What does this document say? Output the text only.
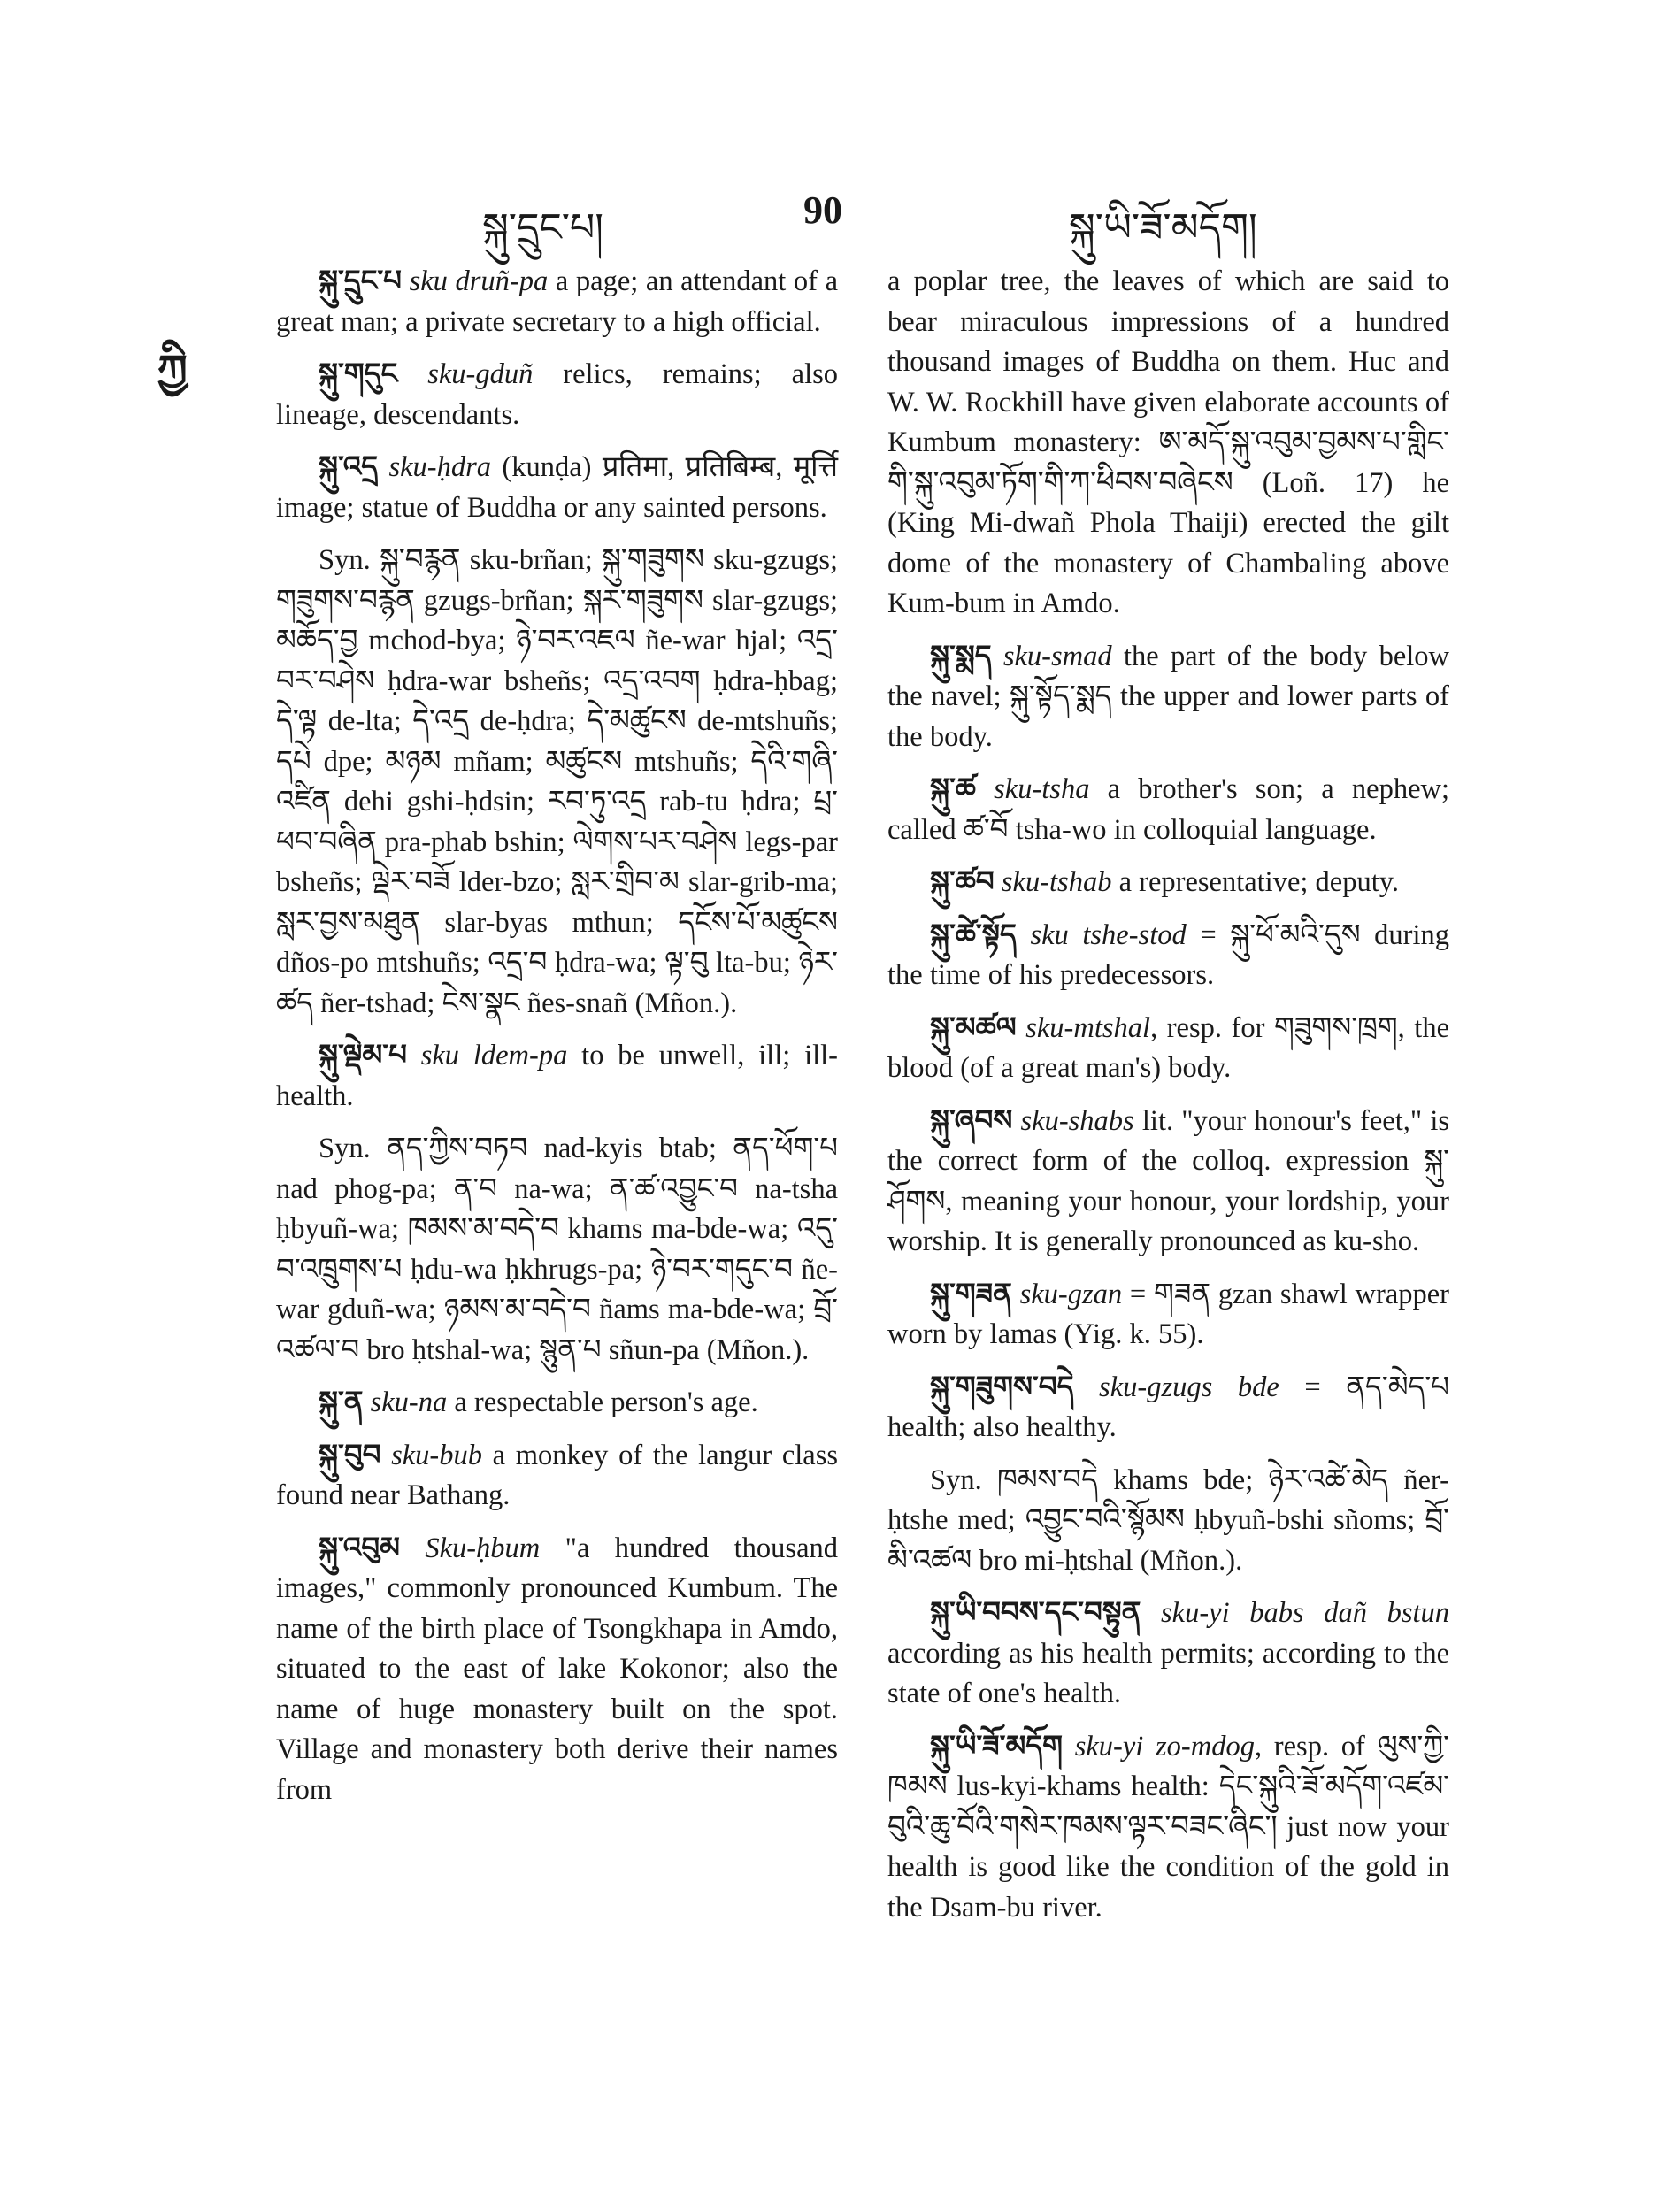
སྐུ་དྲུང་པ།	90	སྐུ་ཡི་ཟོ་མདོག།
ཀྱི

སྐུ་དྲུང་པ sku druñ-pa a page; an attendant of a great man; a private secretary to a high official.

སྐུ་གདུང sku-gduñ relics, remains; also lineage, descendants.

སྐུ་འདྲ sku-ḥdra (kunḍa) प्रतिमा, प्रतिबिम्ब, मूर्त्ति image; statue of Buddha or any sainted persons.

Syn. སྐུ་བརྙན sku-brñan; སྐུ་གཟུགས sku-gzugs; གཟུགས་བརྙན gzugs-brñan; སྐར་གཟུགས slar-gzugs; མཆོད་བྱ mchod-bya; ཉེ་བར་འཇལ ñe-war hjal; འདྲ་བར་བཤེས ḥdra-war bsheñs; འདྲ་འབག ḥdra-ḥbag; དེ་ལྟ de-lta; དེ་འདྲ de-ḥdra; དེ་མཚུངས de-mtshuñs; དཔེ dpe; མཉམ mñam; མཚུངས mtshuñs; དེའི་གཞི་འཛིན dehi gshi-ḥdsin; རབ་ཏུ་འདྲ rab-tu ḥdra; པྲ་ཕབ་བཞིན pra-phab bshin; ལེགས་པར་བཤེས legs-par bsheñs; ལྡེར་བཟོ lder-bzo; སླར་གྲིབ་མ slar-grib-ma; སླར་བྱས་མཐུན slar-byas mthun; དངོས་པོ་མཚུངས dños-po mtshuñs; འདྲ་བ ḥdra-wa; ལྟ་བུ lta-bu; ཉེར་ཚད ñer-tshad; ངེས་སྣང ñes-snañ (Mñon.).

སྐུ་ལྡེམ་པ sku ldem-pa to be unwell, ill; ill-health.

Syn. ནད་ཀྱིས་བཏབ nad-kyis btab; ནད་ཕོག་པ nad phog-pa; ན་བ na-wa; ན་ཚ་འབྱུང་བ na-tsha ḥbyuñ-wa; ཁམས་མ་བདེ་བ khams ma-bde-wa; འདུ་བ་འཁྲུགས་པ ḥdu-wa ḥkhrugs-pa; ཉེ་བར་གདུང་བ ñe-war gduñ-wa; ཉམས་མ་བདེ་བ ñams ma-bde-wa; བྲོ་འཚལ་བ bro ḥtshal-wa; སྙུན་པ sñun-pa (Mñon.).

སྐུ་ན sku-na a respectable person's age.

སྐུ་བུབ sku-bub a monkey of the langur class found near Bathang.

སྐུ་འབུམ Sku-ḥbum "a hundred thousand images," commonly pronounced Kumbum. The name of the birth place of Tsongkhapa in Amdo, situated to the east of lake Kokonor; also the name of huge monastery built on the spot. Village and monastery both derive their names from

a poplar tree, the leaves of which are said to bear miraculous impressions of a hundred thousand images of Buddha on them. Huc and W. W. Rockhill have given elaborate accounts of Kumbum monastery: ཨ་མདོ་སྐུ་འབུམ་བྱམས་པ་གླིང་གི་སྐུ་འབུམ་ཏོག་གི་ཀ་ཕིབས་བཞེངས (Loñ. 17) he (King Mi-dwañ Phola Thaiji) erected the gilt dome of the monastery of Chambaling above Kum-bum in Amdo.

སྐུ་སྨད sku-smad the part of the body below the navel; སྐུ་སྟོད་སྨད the upper and lower parts of the body.

སྐུ་ཚ sku-tsha a brother's son; a nephew; called ཚ་བོ tsha-wo in colloquial language.

སྐུ་ཚབ sku-tshab a representative; deputy.

སྐུ་ཚེ་སྟོད sku tshe-stod = སྐུ་ཕོ་མའི་དུས during the time of his predecessors.

སྐུ་མཚལ sku-mtshal, resp. for གཟུགས་ཁྲག, the blood (of a great man's) body.

སྐུ་ཞབས sku-shabs lit. "your honour's feet," is the correct form of the colloq. expression སྐུ་ཤོགས, meaning your honour, your lordship, your worship. It is generally pronounced as ku-sho.

སྐུ་གཟན sku-gzan = གཟན gzan shawl wrapper worn by lamas (Yig. k. 55).

སྐུ་གཟུགས་བདེ sku-gzugs bde = ནད་མེད་པ health; also healthy.

Syn. ཁམས་བདེ khams bde; ཉེར་འཚེ་མེད ñer-ḥtshe med; འབྱུང་བའི་སྙོམས ḥbyuñ-bshi sñoms; བྲོ་མི་འཚལ bro mi-ḥtshal (Mñon.).

སྐུ་ཡི་བབས་དང་བསྟུན sku-yi babs dañ bstun according as his health permits; according to the state of one's health.

སྐུ་ཡི་ཟོ་མདོག sku-yi zo-mdog, resp. of ལུས་ཀྱི་ཁམས lus-kyi-khams health: དེང་སྐུའི་ཟོ་མདོག་འཛམ་བུའི་ཆུ་བོའི་གསེར་ཁམས་ལྟར་བཟང་ཞིང་། just now your health is good like the condition of the gold in the Dsam-bu river.
